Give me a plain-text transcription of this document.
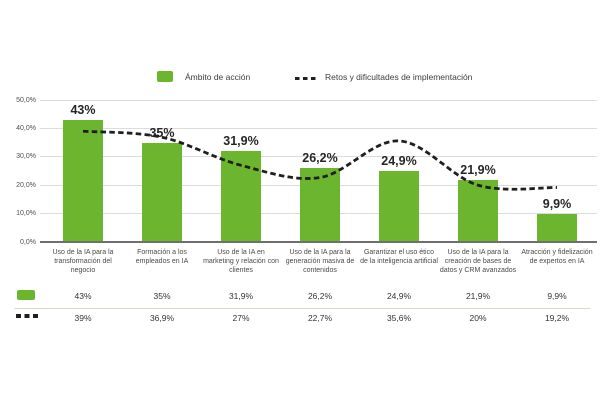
Ámbito de acción	Retos y dificultades de implementación
0,0%
10,0%
20,0%
30,0%
40,0%
50,0%
43%
35%
31,9%
26,2%	24,9%
21,9%
9,9%
Uso de la IA para la transformación del negocio
Formación a los empleados en IA
Uso de la IA en marketing y relación con clientes
Uso de la IA para la generación masiva de contenidos
Garantizar el uso ético de la inteligencia artificial
Uso de la IA para la creación de bases de datos y CRM avanzados
Atracción y fidelización de expertos en IA
43%	35%	31,9%	26,2%	24,9%	21,9%	9,9%
39%	36,9%	27%	22,7%	35,6%	20%	19,2%
